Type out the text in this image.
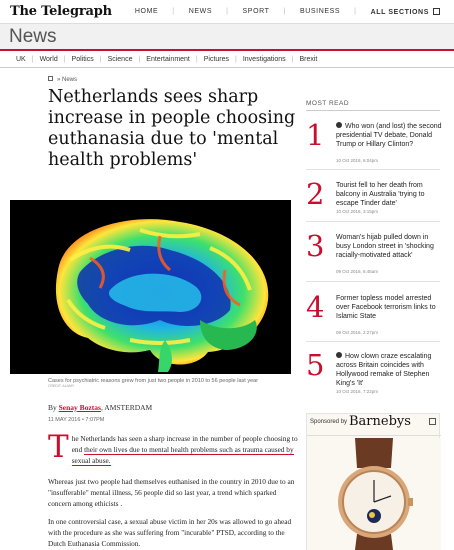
The Telegraph	HOME | NEWS | SPORT | BUSINESS | ALL SECTIONS
News
UK | World | Politics | Science | Entertainment | Pictures | Investigations | Brexit
» News
Netherlands sees sharp increase in people choosing euthanasia due to 'mental health problems'
Cases for psychiatric reasons grew from just two people in 2010 to 56 people last year
CREDIT: ALAMY
By Senay Boztas, AMSTERDAM
11 MAY 2016 • 7:07PM
The Netherlands has seen a sharp increase in the number of people choosing to end their own lives due to mental health problems such as trauma caused by sexual abuse.
Whereas just two people had themselves euthanised in the country in 2010 due to an "insufferable" mental illness, 56 people did so last year, a trend which sparked concern among ethicists .
In one controversial case, a sexual abuse victim in her 20s was allowed to go ahead with the procedure as she was suffering from "incurable" PTSD, according to the Dutch Euthanasia Commission.
MOST READ
1	Who won (and lost) the second presidential TV debate, Donald Trump or Hillary Clinton?
10 Oct 2016, 6:04pm
2 Tourist fell to her death from balcony in Australia 'trying to escape Tinder date'
10 Oct 2016, 3:15pm
3 Woman's hijab pulled down in busy London street in 'shocking racially-motivated attack'
09 Oct 2016, 6:45am
4 Former topless model arrested over Facebook terrorism links to Islamic State
09 Oct 2016, 2:27pm
5	How clown craze escalating across Britain coincides with Hollywood remake of Stephen King's 'It'
10 Oct 2016, 7:22pm
Sponsored by Barnebys
